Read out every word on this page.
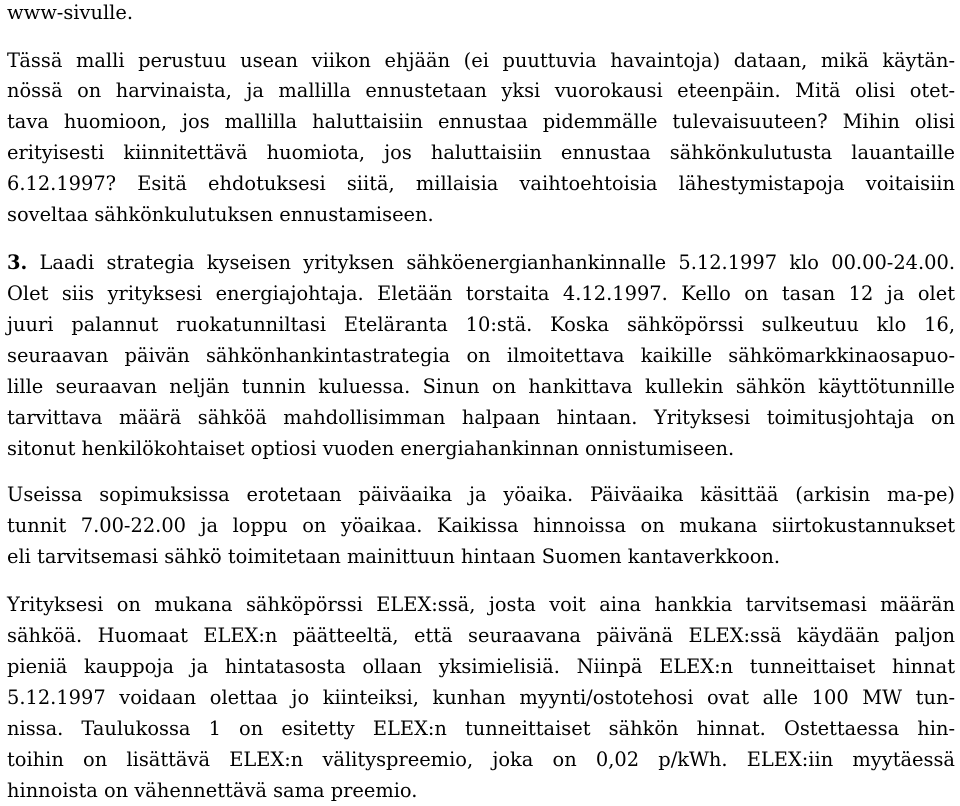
www-sivulle.
Tässä malli perustuu usean viikon ehjään (ei puuttuvia havaintoja) dataan, mikä käytän-
nössä on harvinaista, ja mallilla ennustetaan yksi vuorokausi eteenpäin. Mitä olisi otet-
tava huomioon, jos mallilla haluttaisiin ennustaa pidemmälle tulevaisuuteen? Mihin olisi
erityisesti kiinnitettävä huomiota, jos haluttaisiin ennustaa sähkönkulutusta lauantaille
6.12.1997? Esitä ehdotuksesi siitä, millaisia vaihtoehtoisia lähestymistapoja voitaisiin
soveltaa sähkönkulutuksen ennustamiseen.
3. Laadi strategia kyseisen yrityksen sähköenergianhankinnalle 5.12.1997 klo 00.00-24.00.
Olet siis yrityksesi energiajohtaja. Eletään torstaita 4.12.1997. Kello on tasan 12 ja olet
juuri palannut ruokatunniltasi Eteläranta 10:stä. Koska sähköpörssi sulkeutuu klo 16,
seuraavan päivän sähkönhankintastrategia on ilmoitettava kaikille sähkömarkkinaosapuo-
lille seuraavan neljän tunnin kuluessa. Sinun on hankittava kullekin sähkön käyttötunnille
tarvittava määrä sähköä mahdollisimman halpaan hintaan. Yrityksesi toimitusjohtaja on
sitonut henkilökohtaiset optiosi vuoden energiahankinnan onnistumiseen.
Useissa sopimuksissa erotetaan päiväaika ja yöaika. Päiväaika käsittää (arkisin ma-pe)
tunnit 7.00-22.00 ja loppu on yöaikaa. Kaikissa hinnoissa on mukana siirtokustannukset
eli tarvitsemasi sähkö toimitetaan mainittuun hintaan Suomen kantaverkkoon.
Yrityksesi on mukana sähköpörssi ELEX:ssä, josta voit aina hankkia tarvitsemasi määrän
sähköä. Huomaat ELEX:n päätteeltä, että seuraavana päivänä ELEX:ssä käydään paljon
pieniä kauppoja ja hintatasosta ollaan yksimielisiä. Niinpä ELEX:n tunneittaiset hinnat
5.12.1997 voidaan olettaa jo kiinteiksi, kunhan myynti/ostotehosi ovat alle 100 MW tun-
nissa. Taulukossa 1 on esitetty ELEX:n tunneittaiset sähkön hinnat. Ostettaessa hin-
toihin on lisättävä ELEX:n välityspreemio, joka on 0,02 p/kWh. ELEX:iin myytäessä
hinnoista on vähennettävä sama preemio.
